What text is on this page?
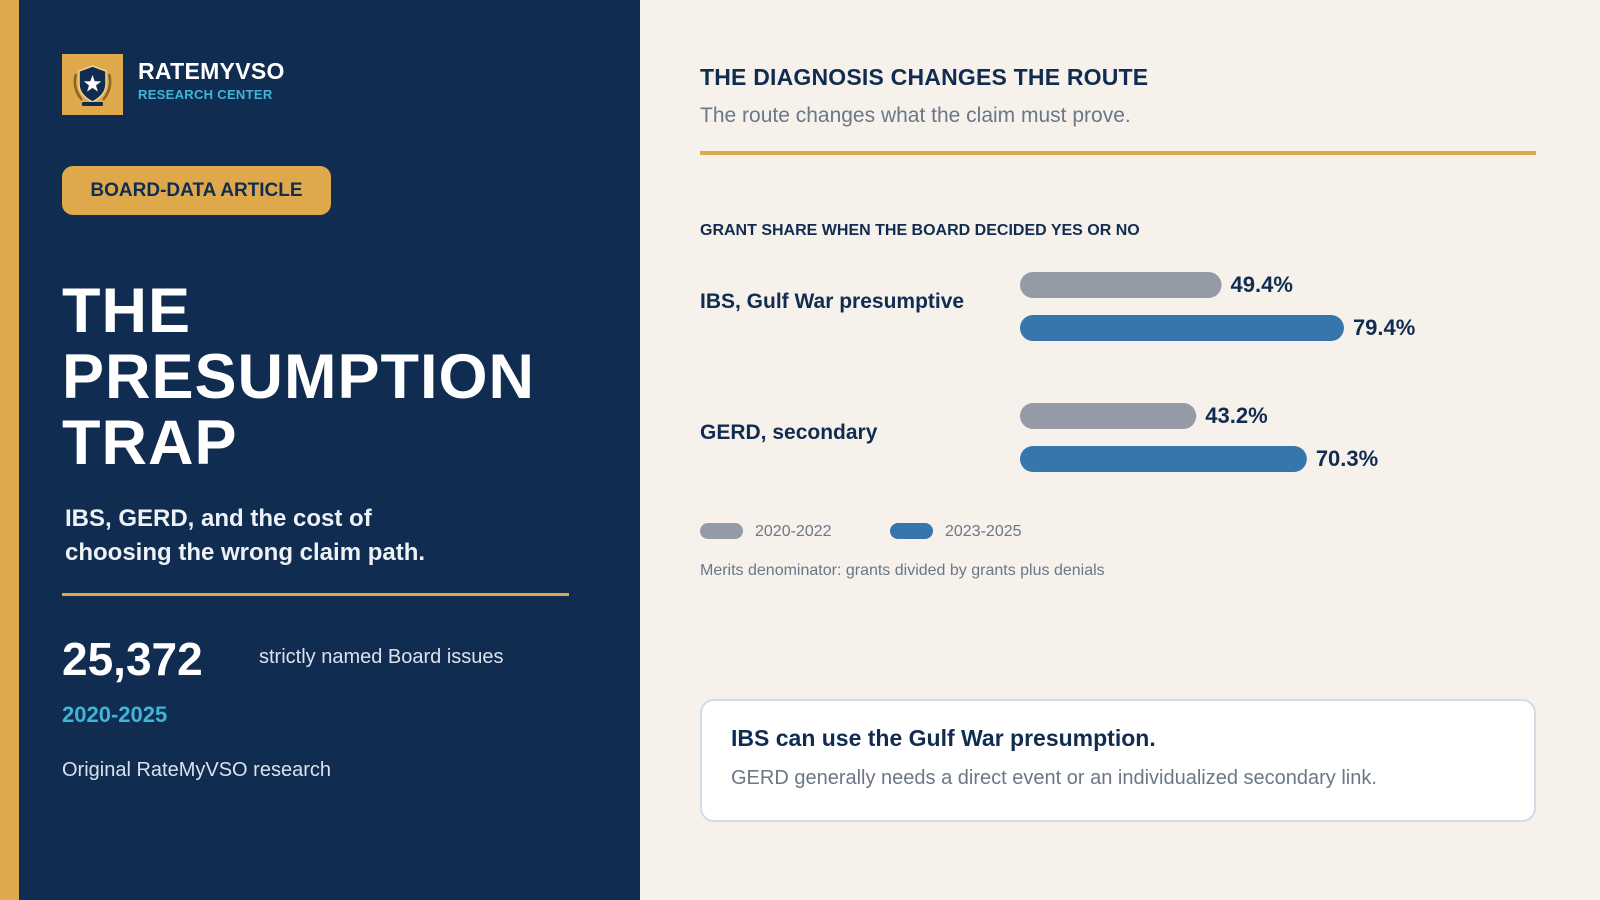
RATEMYVSO
RESEARCH CENTER
BOARD-DATA ARTICLE
THE
PRESUMPTION
TRAP
IBS, GERD, and the cost of
choosing the wrong claim path.
25,372	strictly named Board issues
2020-2025
Original RateMyVSO research
THE DIAGNOSIS CHANGES THE ROUTE
The route changes what the claim must prove.
GRANT SHARE WHEN THE BOARD DECIDED YES OR NO
IBS, Gulf War presumptive
49.4%
79.4%
GERD, secondary
43.2%
70.3%
2020-2022	2023-2025
Merits denominator: grants divided by grants plus denials
IBS can use the Gulf War presumption.
GERD generally needs a direct event or an individualized secondary link.
